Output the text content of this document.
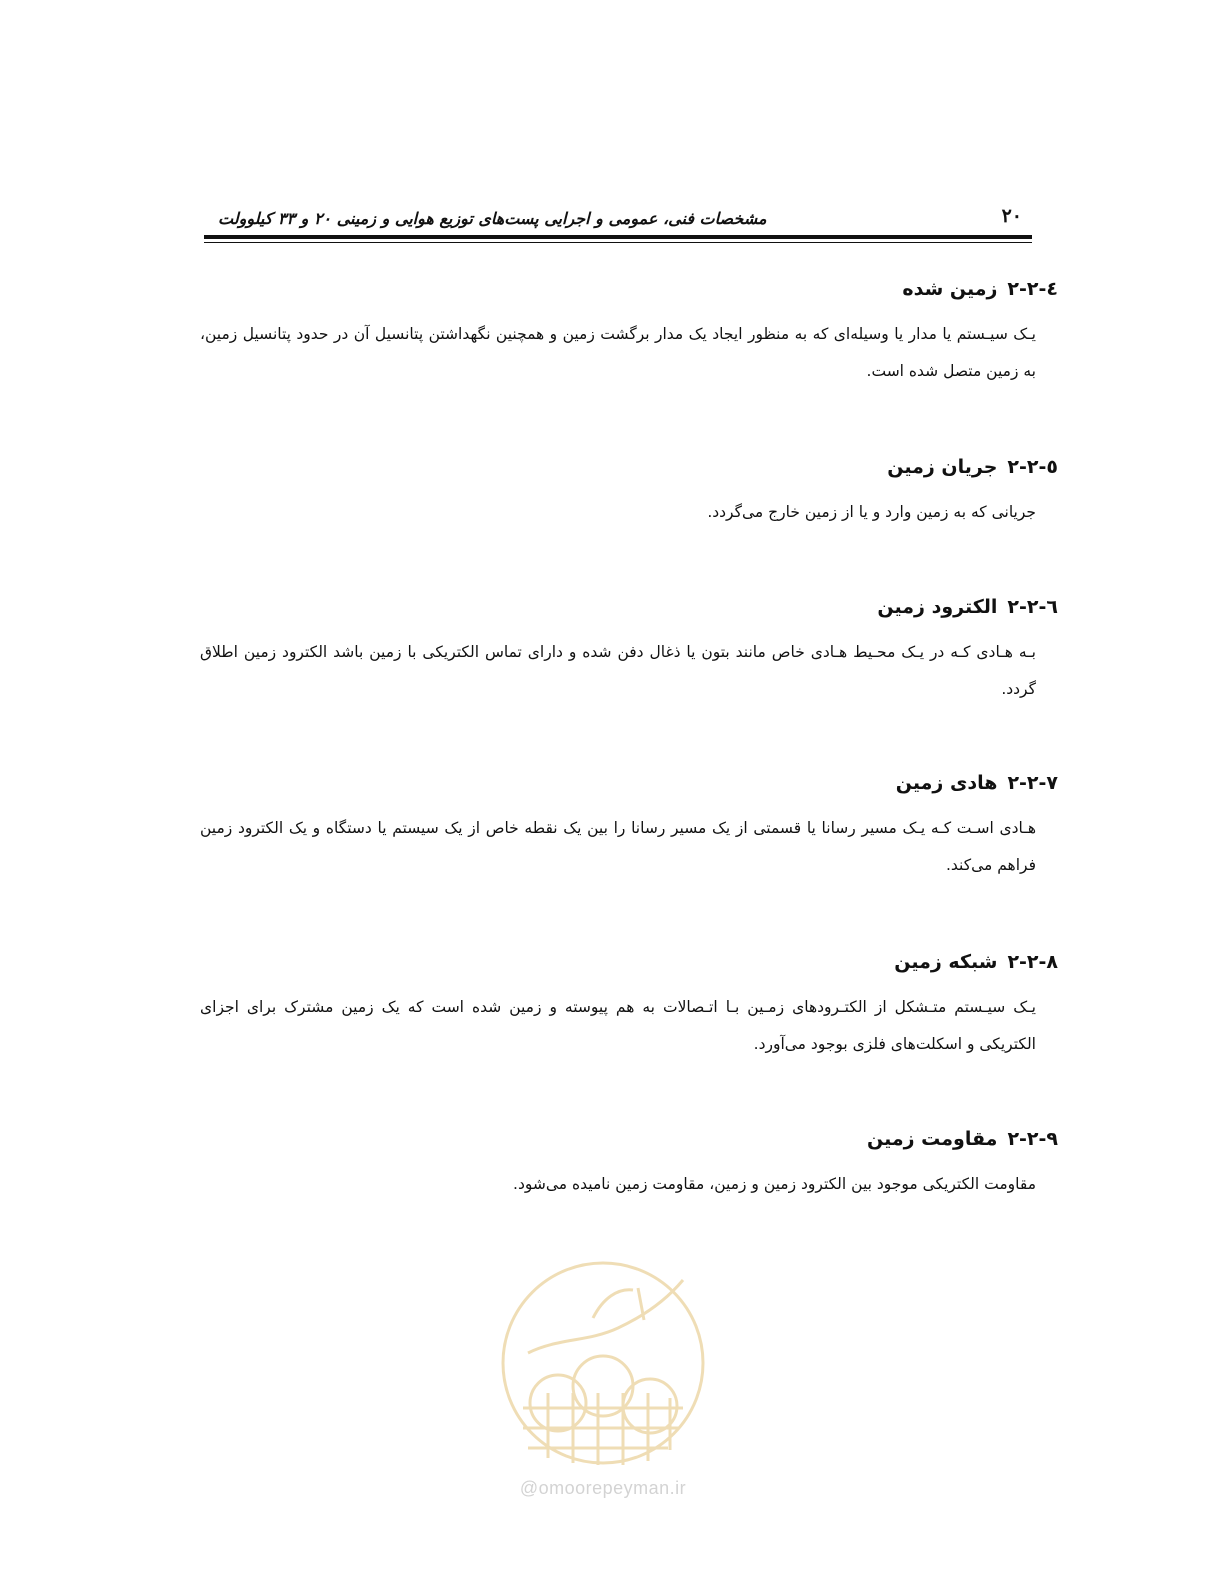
مشخصات فنی، عمومی و اجرایی پست‌های توزیع هوایی و زمینی ۲۰ و ۳۳ کیلوولت	۲۰
۲-۲-٤زمین شده

یـک سیـستم یا مدار یا وسیله‌ای که به منظور ایجاد یک مدار برگشت زمین و همچنین نگهداشتن پتانسیل آن در حدود پتانسیل زمین، به زمین متصل شده است.

۲-۲-٥جریان زمین

جریانی که به زمین وارد و یا از زمین خارج می‌گردد.

۲-۲-٦الکترود زمین

بـه هـادی کـه در یـک محـیط هـادی خاص مانند بتون یا ذغال دفن شده و دارای تماس الکتریکی با زمین باشد الکترود زمین اطلاق گردد.

۲-۲-۷هادی زمین

هـادی اسـت کـه یـک مسیر رسانا یا قسمتی از یک مسیر رسانا را بین یک نقطه خاص از یک سیستم یا دستگاه و یک الکترود زمین فراهم می‌کند.

۲-۲-۸شبکه زمین

یـک سیـستم متـشکل از الکتـرودهای زمـین بـا اتـصالات به هم پیوسته و زمین شده است که یک زمین مشترک برای اجزای الکتریکی و اسکلت‌های فلزی بوجود می‌آورد.

۲-۲-۹مقاومت زمین

مقاومت الکتریکی موجود بین الکترود زمین و زمین، مقاومت زمین نامیده می‌شود.

@omoorepeyman.ir
